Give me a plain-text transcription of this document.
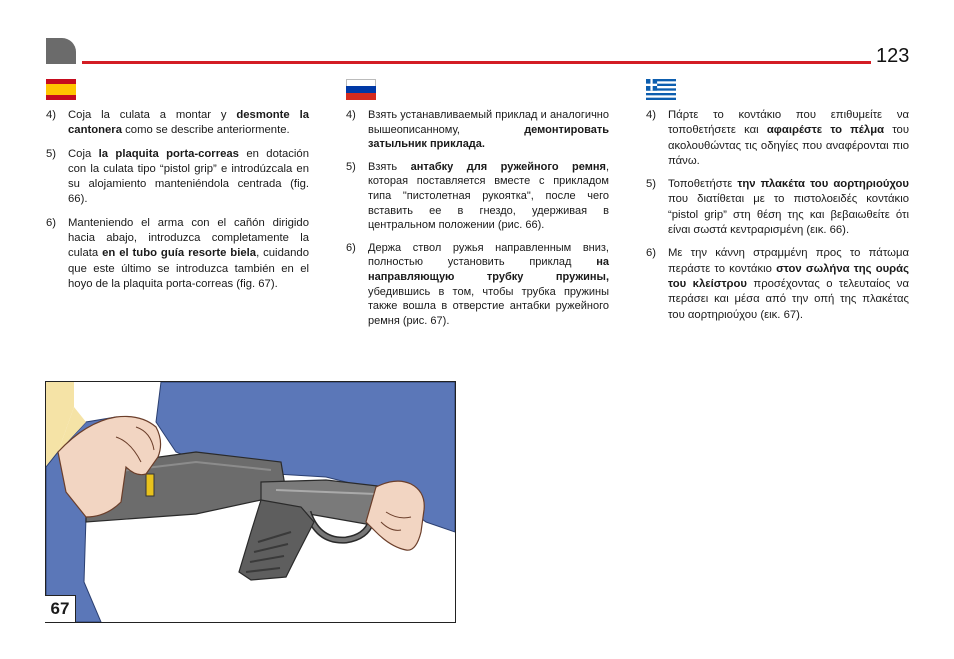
123
4)	Coja la culata a montar y desmonte la cantonera como se describe anteriormente.
5)	Coja la plaquita porta-correas en dotación con la culata tipo “pistol grip” e introdúzcala en su alojamiento manteniéndola centrada (fig. 66).
6)	Manteniendo el arma con el cañón dirigido hacia abajo, introduzca completamente la culata en el tubo guía resorte biela, cuidando que este último se introduzca también en el hoyo de la plaquita porta-correas (fig. 67).
4)	Взять устанавливаемый приклад и аналогично вышеописанному, демонтировать затыльник приклада.
5)	Взять антабку для ружейного ремня, которая поставляется вместе с прикладом типа "пистолетная рукоятка", после чего вставить ее в гнездо, удерживая в центральном положении (рис. 66).
6)	Держа ствол ружья направленным вниз, полностью установить приклад на направляющую трубку пружины, убедившись в том, чтобы трубка пружины также вошла в отверстие антабки ружейного ремня (рис. 67).
4)	Πάρτε το κοντάκιο που επιθυμείτε να τοποθετήσετε και αφαιρέστε το πέλμα του ακολουθώντας τις οδηγίες που αναφέρονται πιο πάνω.
5)	Τοποθετήστε την πλακέτα του αορτηριούχου που διατίθεται με το πιστολοειδές κοντάκιο “pistol grip” στη θέση της και βεβαιωθείτε ότι είναι σωστά κεντραρισμένη (εικ. 66).
6)	Με την κάννη στραμμένη προς το πάτωμα περάστε το κοντάκιο στον σωλήνα της ουράς του κλείστρου προσέχοντας ο τελευταίος να περάσει και μέσα από την οπή της πλακέτας του αορτηριούχου (εικ. 67).
67
